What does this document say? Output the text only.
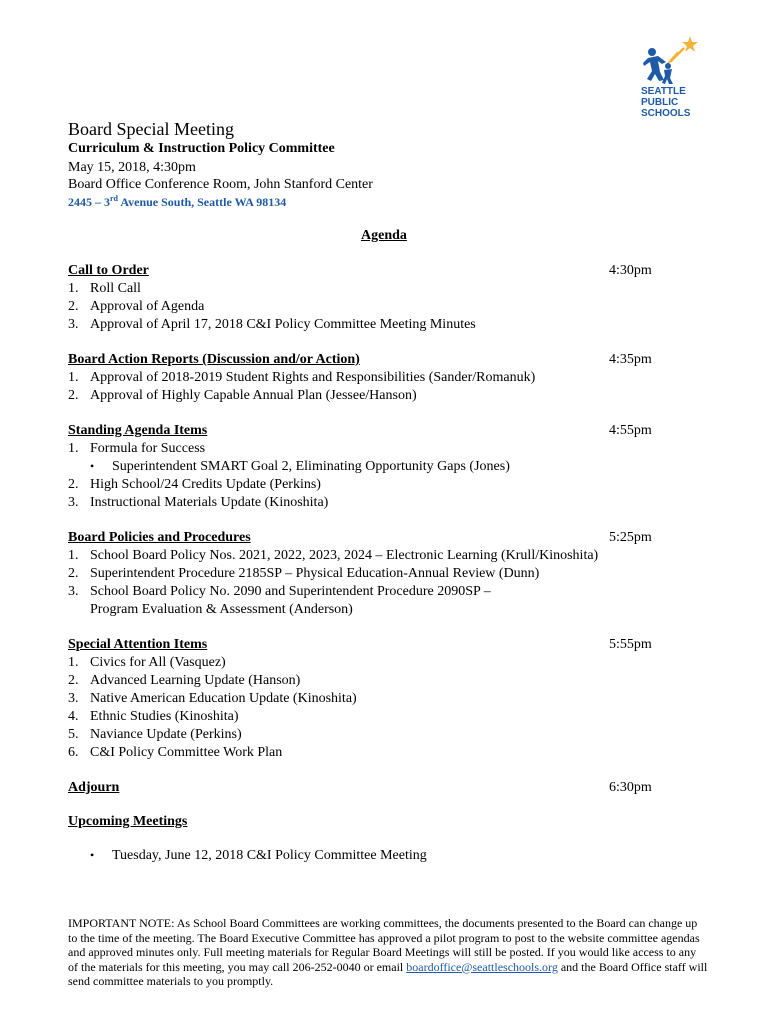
SEATTLE
PUBLIC
SCHOOLS
Board Special Meeting
Curriculum & Instruction Policy Committee
May 15, 2018, 4:30pm
Board Office Conference Room, John Stanford Center
2445 – 3rd Avenue South, Seattle WA 98134
Agenda
Call to Order	4:30pm
1. Roll Call
2. Approval of Agenda
3. Approval of April 17, 2018 C&I Policy Committee Meeting Minutes
Board Action Reports (Discussion and/or Action)	4:35pm
1. Approval of 2018-2019 Student Rights and Responsibilities (Sander/Romanuk)
2. Approval of Highly Capable Annual Plan (Jessee/Hanson)
Standing Agenda Items	4:55pm
1. Formula for Success
• Superintendent SMART Goal 2, Eliminating Opportunity Gaps (Jones)
2. High School/24 Credits Update (Perkins)
3. Instructional Materials Update (Kinoshita)
Board Policies and Procedures	5:25pm
1. School Board Policy Nos. 2021, 2022, 2023, 2024 – Electronic Learning (Krull/Kinoshita)
2. Superintendent Procedure 2185SP – Physical Education-Annual Review (Dunn)
3. School Board Policy No. 2090 and Superintendent Procedure 2090SP –
Program Evaluation & Assessment (Anderson)
Special Attention Items	5:55pm
1. Civics for All (Vasquez)
2. Advanced Learning Update (Hanson)
3. Native American Education Update (Kinoshita)
4. Ethnic Studies (Kinoshita)
5. Naviance Update (Perkins)
6. C&I Policy Committee Work Plan
Adjourn	6:30pm
Upcoming Meetings
• Tuesday, June 12, 2018 C&I Policy Committee Meeting
IMPORTANT NOTE: As School Board Committees are working committees, the documents presented to the Board can change up to the time of the meeting. The Board Executive Committee has approved a pilot program to post to the website committee agendas and approved minutes only. Full meeting materials for Regular Board Meetings will still be posted. If you would like access to any of the materials for this meeting, you may call 206-252-0040 or email boardoffice@seattleschools.org and the Board Office staff will send committee materials to you promptly.
